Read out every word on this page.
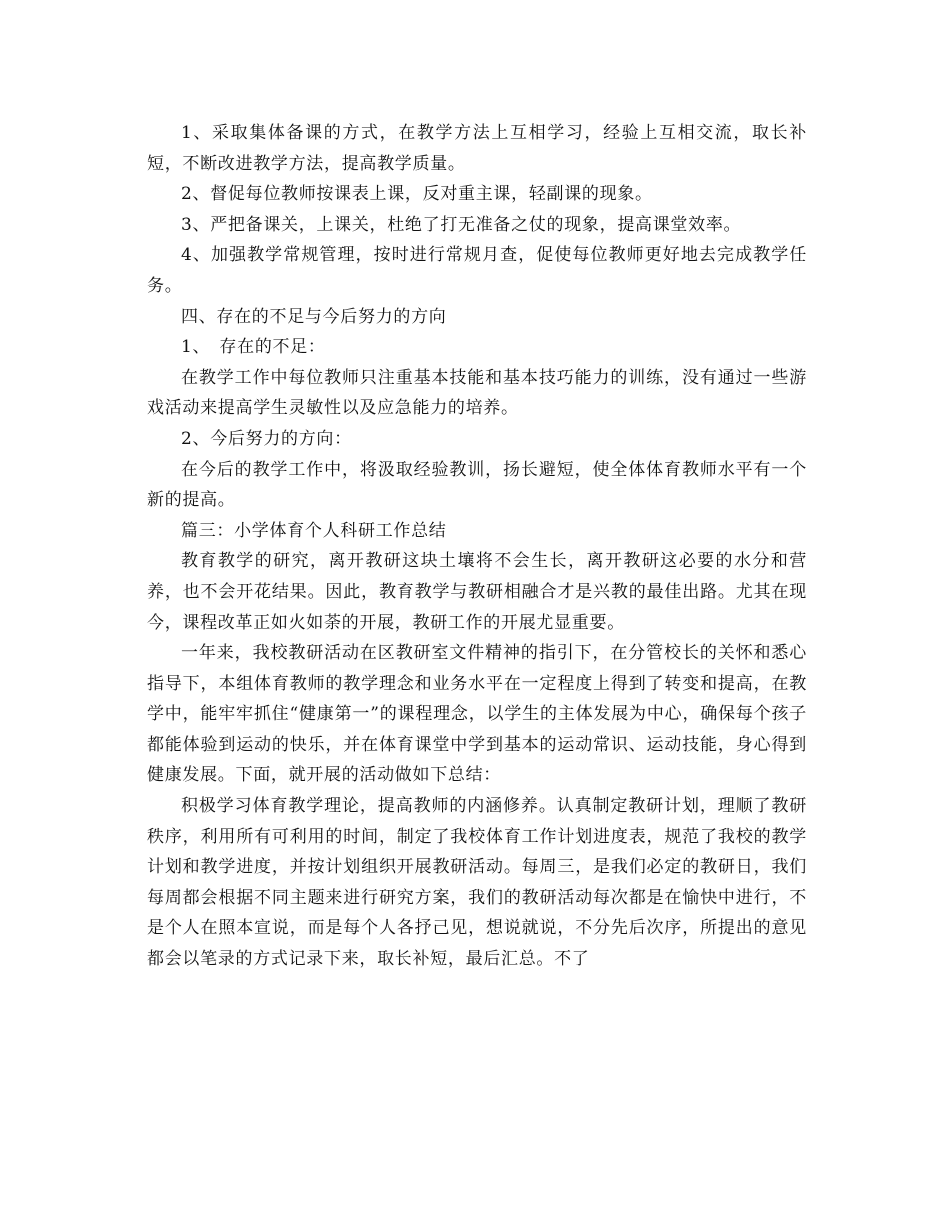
1、采取集体备课的方式，在教学方法上互相学习，经验上互相交流，取长补短，不断改进教学方法，提高教学质量。

2、督促每位教师按课表上课，反对重主课，轻副课的现象。

3、严把备课关，上课关，杜绝了打无准备之仗的现象，提高课堂效率。

4、加强教学常规管理，按时进行常规月查，促使每位教师更好地去完成教学任务。

四、存在的不足与今后努力的方向

1、　存在的不足：

在教学工作中每位教师只注重基本技能和基本技巧能力的训练，没有通过一些游戏活动来提高学生灵敏性以及应急能力的培养。

2、今后努力的方向：

在今后的教学工作中，将汲取经验教训，扬长避短，使全体体育教师水平有一个新的提高。

篇三：小学体育个人科研工作总结

教育教学的研究，离开教研这块土壤将不会生长，离开教研这必要的水分和营养，也不会开花结果。因此，教育教学与教研相融合才是兴教的最佳出路。尤其在现今，课程改革正如火如荼的开展，教研工作的开展尤显重要。

一年来，我校教研活动在区教研室文件精神的指引下，在分管校长的关怀和悉心指导下，本组体育教师的教学理念和业务水平在一定程度上得到了转变和提高，在教学中，能牢牢抓住“健康第一”的课程理念，以学生的主体发展为中心，确保每个孩子都能体验到运动的快乐，并在体育课堂中学到基本的运动常识、运动技能，身心得到健康发展。下面，就开展的活动做如下总结：

积极学习体育教学理论，提高教师的内涵修养。认真制定教研计划，理顺了教研秩序，利用所有可利用的时间，制定了我校体育工作计划进度表，规范了我校的教学计划和教学进度，并按计划组织开展教研活动。每周三，是我们必定的教研日，我们每周都会根据不同主题来进行研究方案，我们的教研活动每次都是在愉快中进行，不是个人在照本宣说，而是每个人各抒己见，想说就说，不分先后次序，所提出的意见都会以笔录的方式记录下来，取长补短，最后汇总。不了
